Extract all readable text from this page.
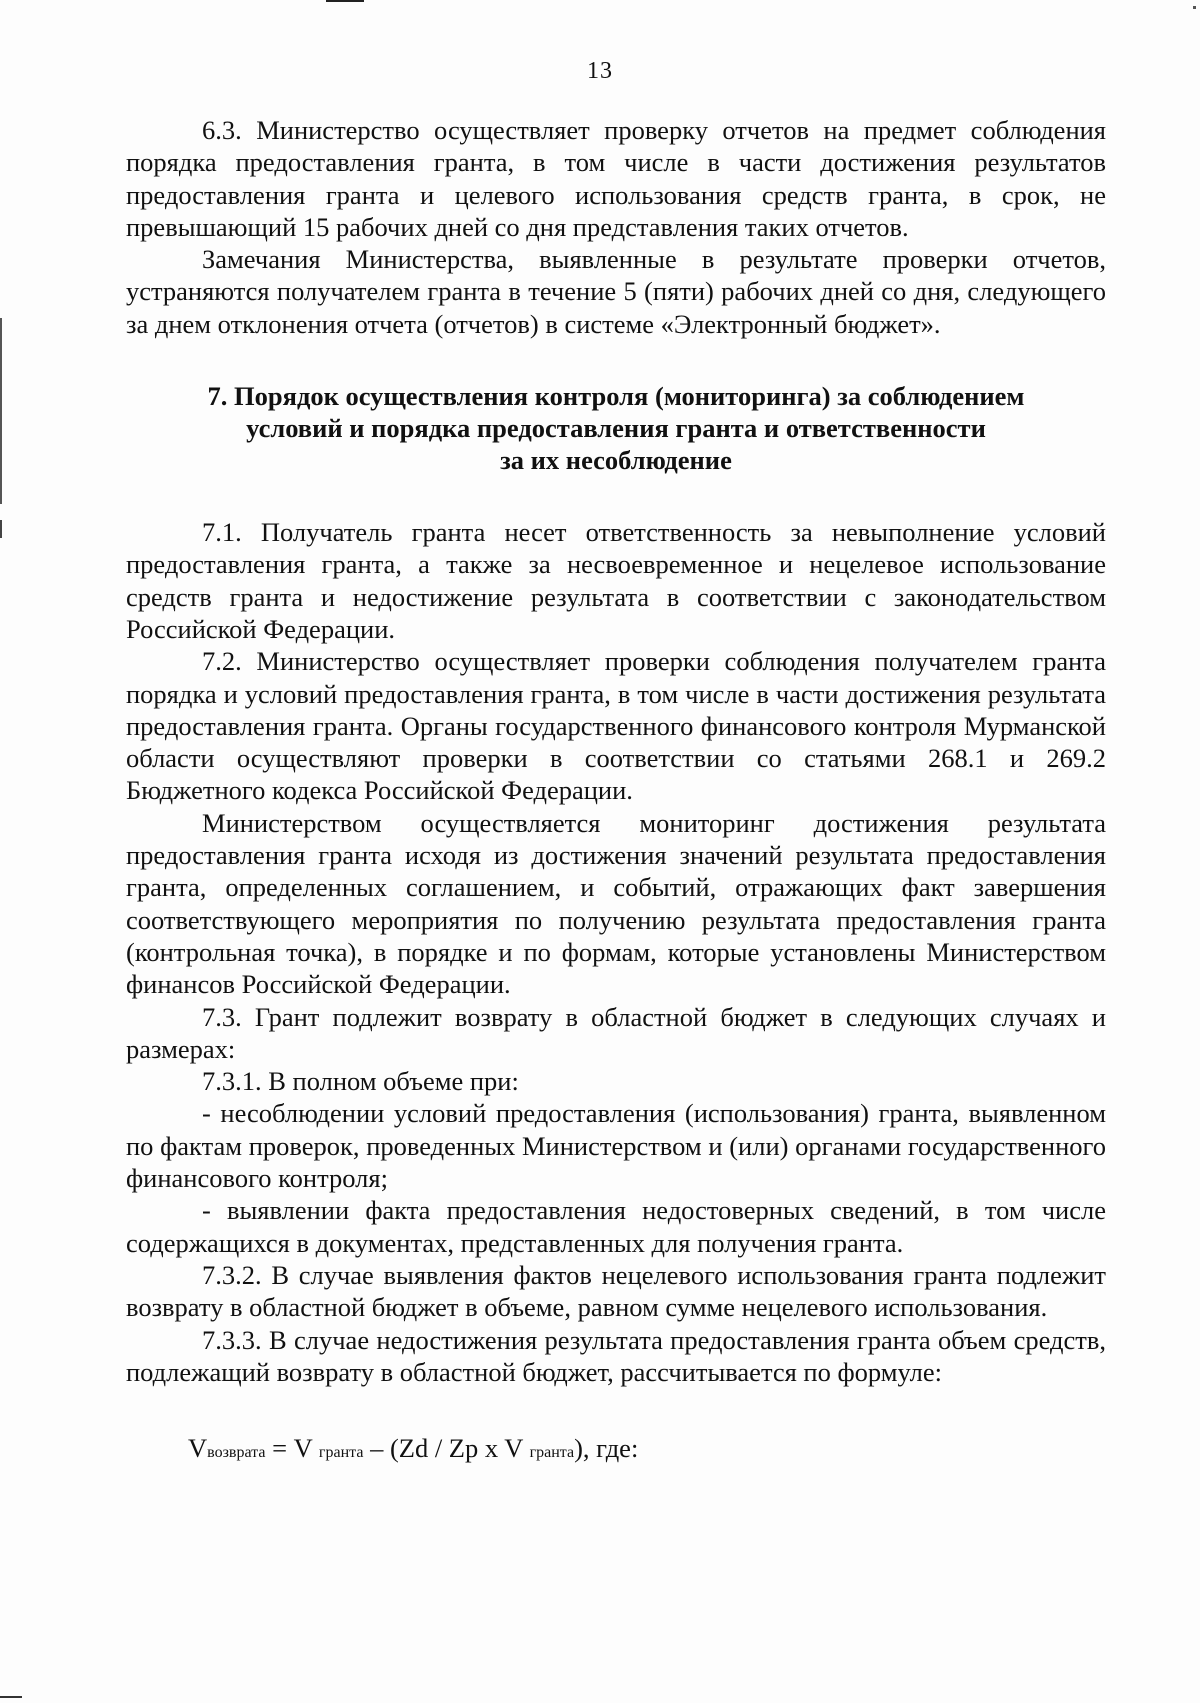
13

6.3. Министерство осуществляет проверку отчетов на предмет соблюдения порядка предоставления гранта, в том числе в части достижения результатов предоставления гранта и целевого использования средств гранта, в срок, не превышающий 15 рабочих дней со дня представления таких отчетов.

Замечания Министерства, выявленные в результате проверки отчетов, устраняются получателем гранта в течение 5 (пяти) рабочих дней со дня, следующего за днем отклонения отчета (отчетов) в системе «Электронный бюджет».

7. Порядок осуществления контроля (мониторинга) за соблюдением
условий и порядка предоставления гранта и ответственности
за их несоблюдение

7.1. Получатель гранта несет ответственность за невыполнение условий предоставления гранта, а также за несвоевременное и нецелевое использование средств гранта и недостижение результата в соответствии с законодательством Российской Федерации.

7.2. Министерство осуществляет проверки соблюдения получателем гранта порядка и условий предоставления гранта, в том числе в части достижения результата предоставления гранта. Органы государственного финансового контроля Мурманской области осуществляют проверки в соответствии со статьями 268.1 и 269.2 Бюджетного кодекса Российской Федерации.

Министерством осуществляется мониторинг достижения результата предоставления гранта исходя из достижения значений результата предоставления гранта, определенных соглашением, и событий, отражающих факт завершения соответствующего мероприятия по получению результата предоставления гранта (контрольная точка), в порядке и по формам, которые установлены Министерством финансов Российской Федерации.

7.3. Грант подлежит возврату в областной бюджет в следующих случаях и размерах:

7.3.1. В полном объеме при:

- несоблюдении условий предоставления (использования) гранта, выявленном по фактам проверок, проведенных Министерством и (или) органами государственного финансового контроля;

- выявлении факта предоставления недостоверных сведений, в том числе содержащихся в документах, представленных для получения гранта.

7.3.2. В случае выявления фактов нецелевого использования гранта подлежит возврату в областной бюджет в объеме, равном сумме нецелевого использования.

7.3.3. В случае недостижения результата предоставления гранта объем средств, подлежащий возврату в областной бюджет, рассчитывается по формуле:

Vвозврата = V гранта – (Zd / Zp x V гранта), где:
